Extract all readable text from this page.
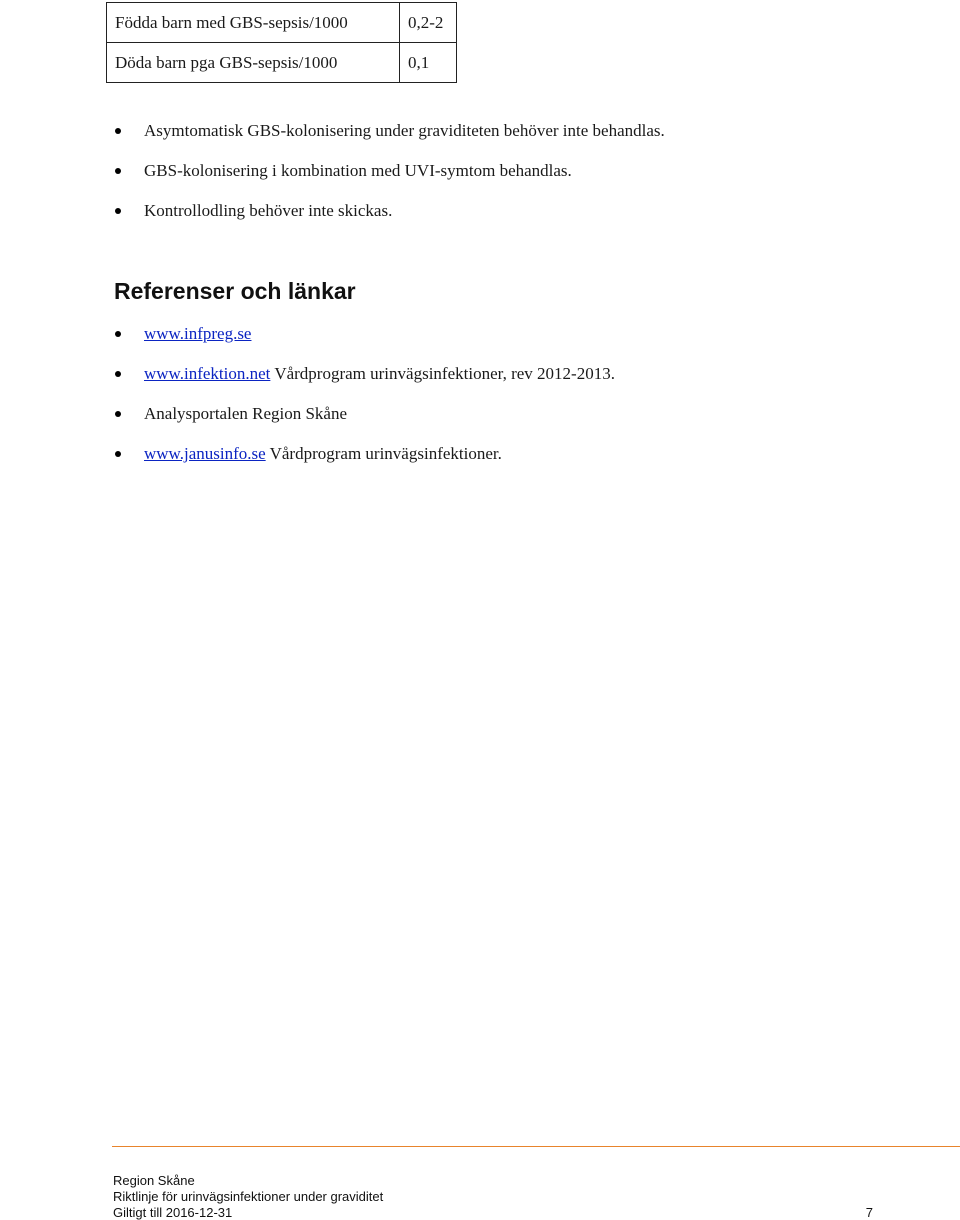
Födda barn med GBS-sepsis/1000	0,2-2
Döda barn pga GBS-sepsis/1000	0,1
Asymtomatisk GBS-kolonisering under graviditeten behöver inte behandlas.
GBS-kolonisering i kombination med UVI-symtom behandlas.
Kontrollodling behöver inte skickas.
Referenser och länkar
www.infpreg.se
www.infektion.net Vårdprogram urinvägsinfektioner, rev 2012-2013.
Analysportalen Region Skåne
www.janusinfo.se Vårdprogram urinvägsinfektioner.
Region Skåne
Riktlinje för urinvägsinfektioner under graviditet
Giltigt till 2016-12-31	7
